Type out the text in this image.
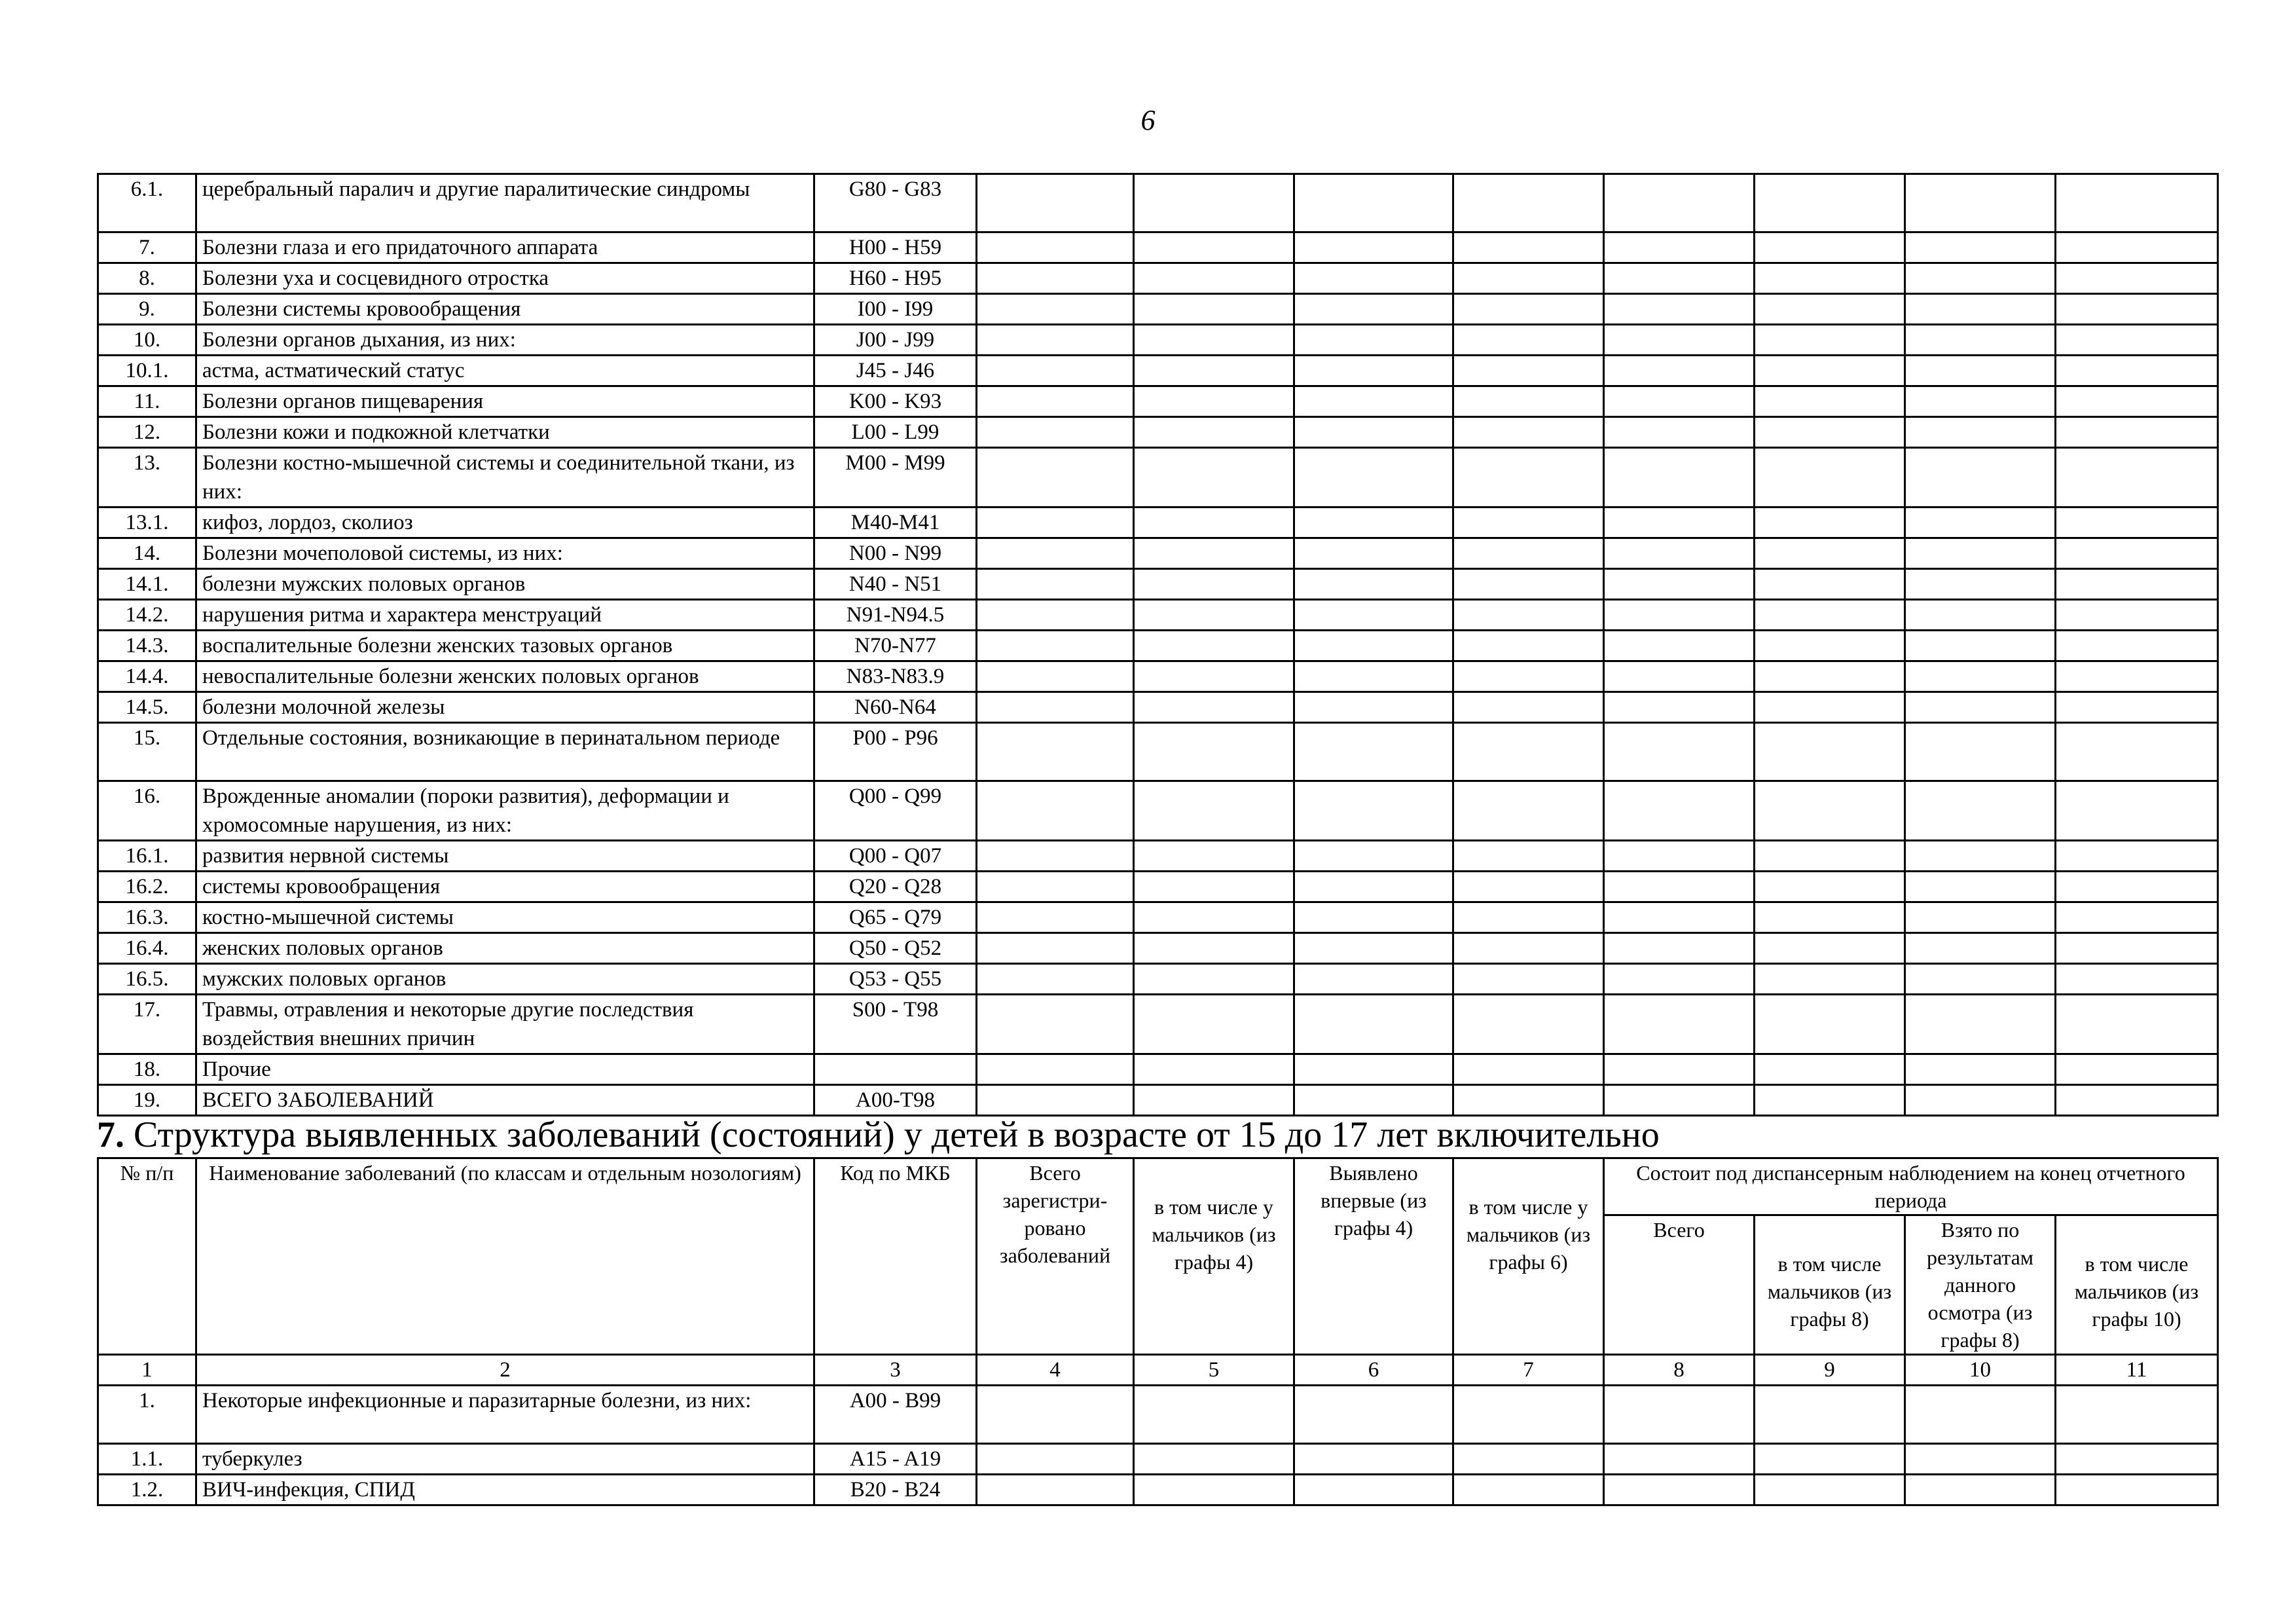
6
6.1.	церебральный паралич и другие паралитические синдромы	G80 - G83								
7.	Болезни глаза и его придаточного аппарата	H00 - H59								
8.	Болезни уха и сосцевидного отростка	H60 - H95								
9.	Болезни системы кровообращения	I00 - I99								
10.	Болезни органов дыхания, из них:	J00 - J99								
10.1.	астма, астматический статус	J45 - J46								
11.	Болезни органов пищеварения	K00 - K93								
12.	Болезни кожи и подкожной клетчатки	L00 - L99								
13.	Болезни костно-мышечной системы и соединительной ткани, из них:	M00 - M99								
13.1.	кифоз, лордоз, сколиоз	M40-M41								
14.	Болезни мочеполовой системы, из них:	N00 - N99								
14.1.	болезни мужских половых органов	N40 - N51								
14.2.	нарушения ритма и характера менструаций	N91-N94.5								
14.3.	воспалительные болезни женских тазовых органов	N70-N77								
14.4.	невоспалительные болезни женских половых органов	N83-N83.9								
14.5.	болезни молочной железы	N60-N64								
15.	Отдельные состояния, возникающие в перинатальном периоде	P00 - P96								
16.	Врожденные аномалии (пороки развития), деформации и хромосомные нарушения, из них:	Q00 - Q99								
16.1.	развития нервной системы	Q00 - Q07								
16.2.	системы кровообращения	Q20 - Q28								
16.3.	костно-мышечной системы	Q65 - Q79								
16.4.	женских половых органов	Q50 - Q52								
16.5.	мужских половых органов	Q53 - Q55								
17.	Травмы, отравления и некоторые другие последствия воздействия внешних причин	S00 - T98								
18.	Прочие									
19.	ВСЕГО ЗАБОЛЕВАНИЙ	A00-T98								
7. Структура выявленных заболеваний (состояний) у детей в возрасте от 15 до 17 лет включительно
№ п/п	Наименование заболеваний (по классам и отдельным нозологиям)	Код по МКБ	Всего зарегистри-ровано заболеваний	в том числе у мальчиков (из графы 4)	Выявлено впервые (из графы 4)	в том числе у мальчиков (из графы 6)	Состоит под диспансерным наблюдением на конец отчетного периода			
							Всего	в том числе мальчиков (из графы 8)	Взято по результатам данного осмотра (из графы 8)	в том числе мальчиков (из графы 10)

1	2	3	4	5	6	7	8	9	10	11
1.	Некоторые инфекционные и паразитарные болезни, из них:	A00 - B99								
1.1.	туберкулез	A15 - A19								
1.2.	ВИЧ-инфекция, СПИД	B20 - B24								
